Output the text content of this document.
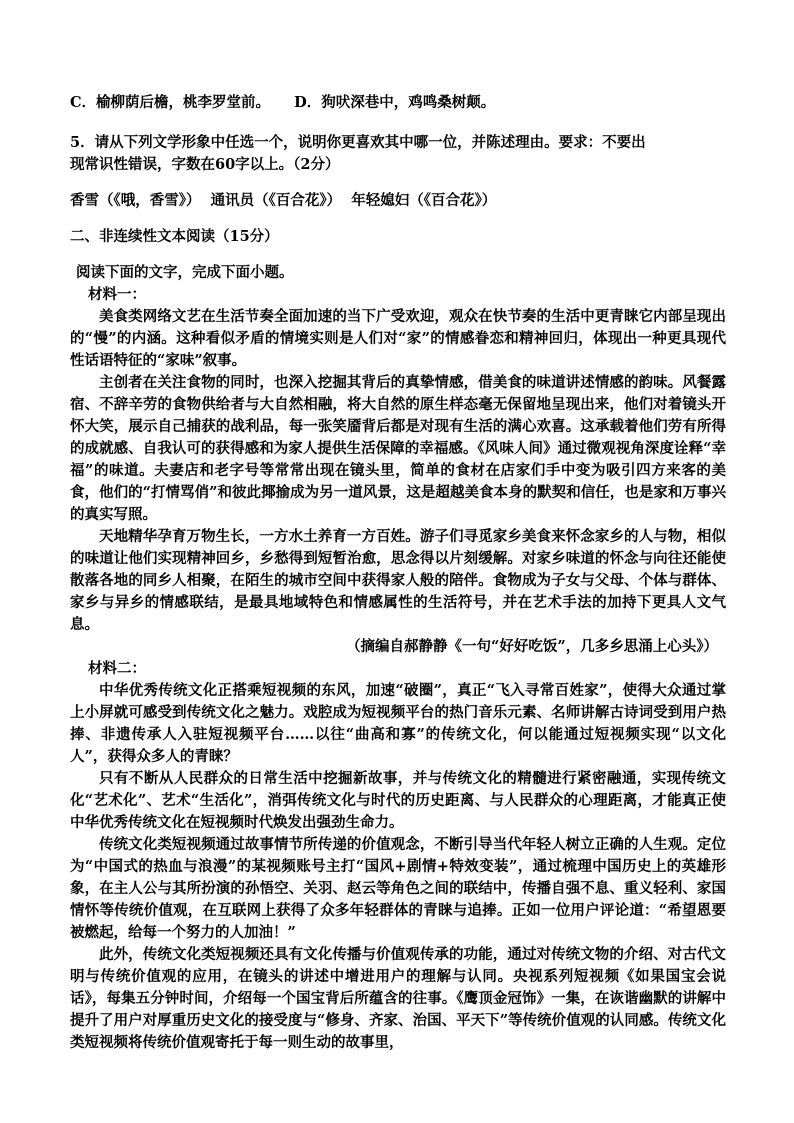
C．榆柳荫后檐，桃李罗堂前。 D．狗吠深巷中，鸡鸣桑树颠。
5．请从下列文学形象中任选一个，说明你更喜欢其中哪一位，并陈述理由。要求：不要出
现常识性错误，字数在60字以上。（2分）
香雪（《哦，香雪》）  通讯员（《百合花》）  年轻媳妇（《百合花》）
二、非连续性文本阅读（15分）
阅读下面的文字，完成下面小题。
材料一：
美食类网络文艺在生活节奏全面加速的当下广受欢迎，观众在快节奏的生活中更青睐它内部呈现出的“慢”的内涵。这种看似矛盾的情境实则是人们对“家”的情感眷恋和精神回归，体现出一种更具现代性话语特征的“家味”叙事。
主创者在关注食物的同时，也深入挖掘其背后的真挚情感，借美食的味道讲述情感的韵味。风餐露宿、不辞辛劳的食物供给者与大自然相融，将大自然的原生样态毫无保留地呈现出来，他们对着镜头开怀大笑，展示自己捕获的战利品，每一张笑靥背后都是对现有生活的满心欢喜。这承载着他们劳有所得的成就感、自我认可的获得感和为家人提供生活保障的幸福感。《风味人间》通过微观视角深度诠释“幸福”的味道。夫妻店和老字号等常常出现在镜头里，简单的食材在店家们手中变为吸引四方来客的美食，他们的“打情骂俏”和彼此揶揄成为另一道风景，这是超越美食本身的默契和信任，也是家和万事兴的真实写照。
天地精华孕育万物生长，一方水土养育一方百姓。游子们寻觅家乡美食来怀念家乡的人与物，相似的味道让他们实现精神回乡，乡愁得到短暂治愈，思念得以片刻缓解。对家乡味道的怀念与向往还能使散落各地的同乡人相聚，在陌生的城市空间中获得家人般的陪伴。食物成为子女与父母、个体与群体、家乡与异乡的情感联结，是最具地域特色和情感属性的生活符号，并在艺术手法的加持下更具人文气息。
（摘编自郝静静《一句“好好吃饭”，几多乡思涌上心头》）
材料二：
中华优秀传统文化正搭乘短视频的东风，加速“破圈”，真正“飞入寻常百姓家”，使得大众通过掌上小屏就可感受到传统文化之魅力。戏腔成为短视频平台的热门音乐元素、名师讲解古诗词受到用户热捧、非遗传承人入驻短视频平台……以往“曲高和寡”的传统文化，何以能通过短视频实现“以文化人”，获得众多人的青睐？
只有不断从人民群众的日常生活中挖掘新故事，并与传统文化的精髓进行紧密融通，实现传统文化“艺术化”、艺术“生活化”，消弭传统文化与时代的历史距离、与人民群众的心理距离，才能真正使中华优秀传统文化在短视频时代焕发出强劲生命力。
传统文化类短视频通过故事情节所传递的价值观念，不断引导当代年轻人树立正确的人生观。定位为“中国式的热血与浪漫”的某视频账号主打“国风+剧情+特效变装”，通过梳理中国历史上的英雄形象，在主人公与其所扮演的孙悟空、关羽、赵云等角色之间的联结中，传播自强不息、重义轻利、家国情怀等传统价值观，在互联网上获得了众多年轻群体的青睐与追捧。正如一位用户评论道：“希望恩要被燃起，给每一个努力的人加油！”
此外，传统文化类短视频还具有文化传播与价值观传承的功能，通过对传统文物的介绍、对古代文明与传统价值观的应用，在镜头的讲述中增进用户的理解与认同。央视系列短视频《如果国宝会说话》，每集五分钟时间，介绍每一个国宝背后所蕴含的往事。《鹰顶金冠饰》一集，在诙谐幽默的讲解中提升了用户对厚重历史文化的接受度与“修身、齐家、治国、平天下”等传统价值观的认同感。传统文化类短视频将传统价值观寄托于每一则生动的故事里，
